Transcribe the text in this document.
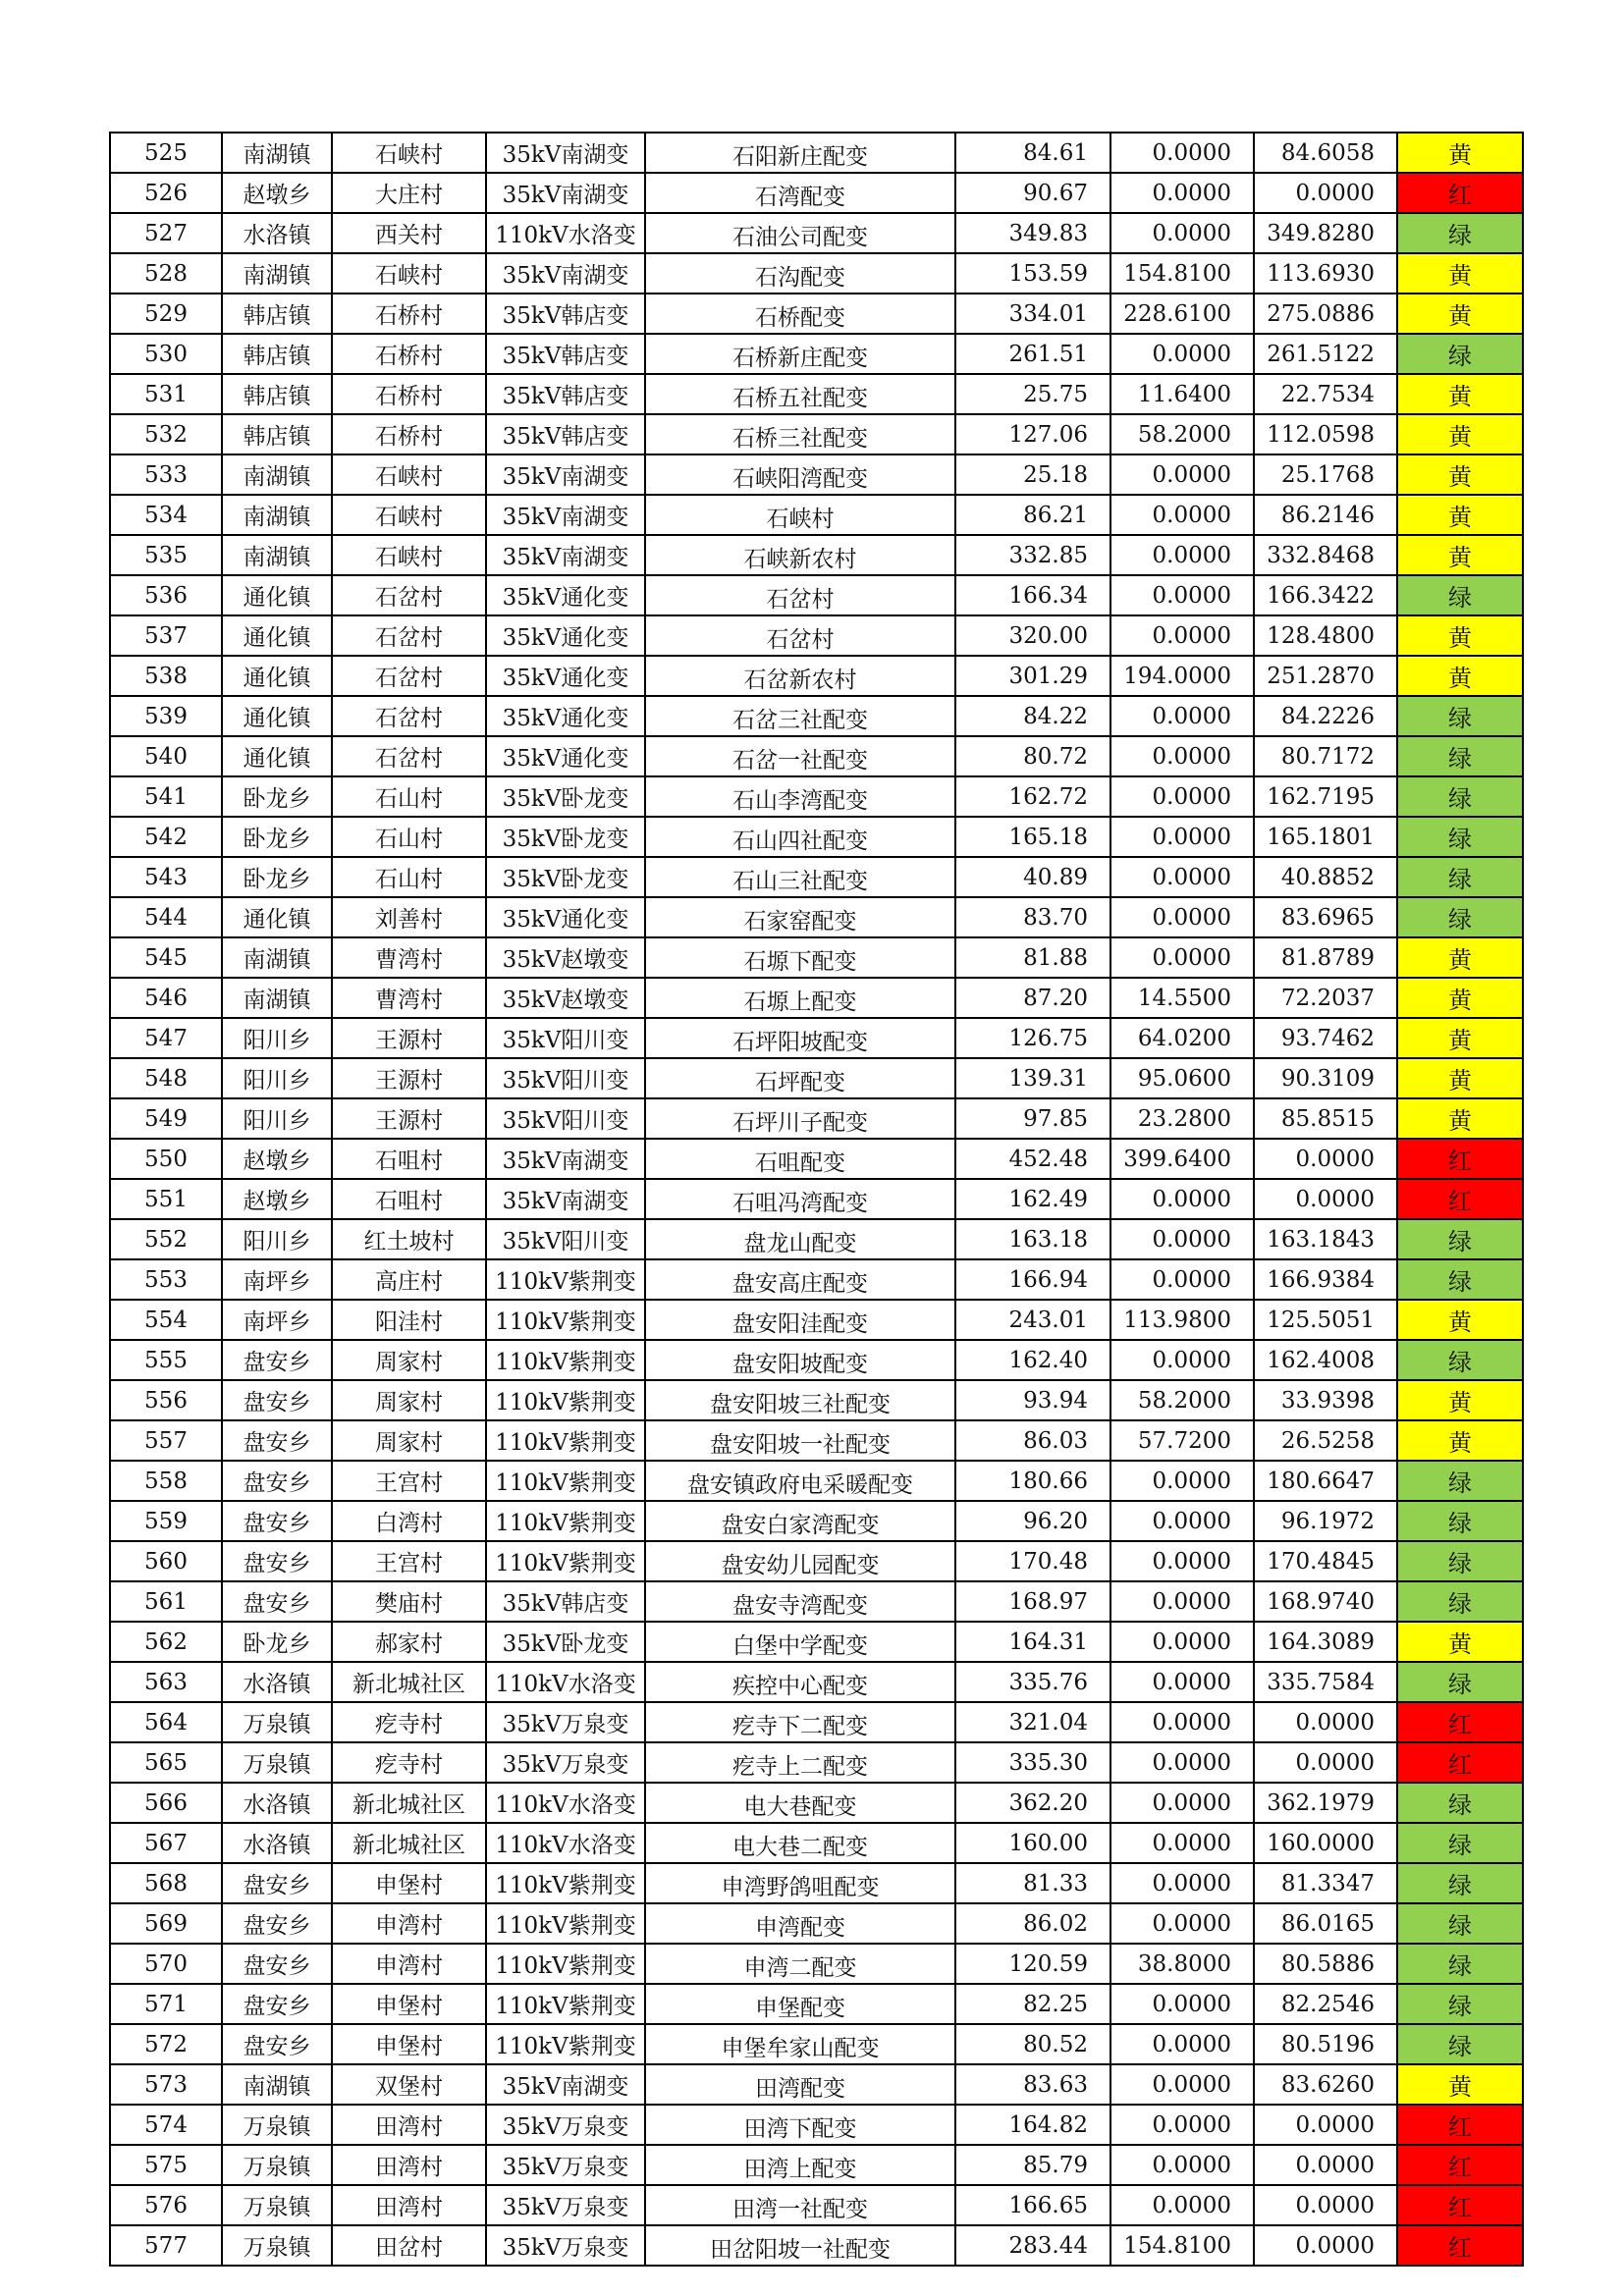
525	南湖镇	石峡村	35kV南湖变	石阳新庄配变	84.61	0.0000	84.6058	黄
526	赵墩乡	大庄村	35kV南湖变	石湾配变	90.67	0.0000	0.0000	红
527	水洛镇	西关村	110kV水洛变	石油公司配变	349.83	0.0000	349.8280	绿
528	南湖镇	石峡村	35kV南湖变	石沟配变	153.59	154.8100	113.6930	黄
529	韩店镇	石桥村	35kV韩店变	石桥配变	334.01	228.6100	275.0886	黄
530	韩店镇	石桥村	35kV韩店变	石桥新庄配变	261.51	0.0000	261.5122	绿
531	韩店镇	石桥村	35kV韩店变	石桥五社配变	25.75	11.6400	22.7534	黄
532	韩店镇	石桥村	35kV韩店变	石桥三社配变	127.06	58.2000	112.0598	黄
533	南湖镇	石峡村	35kV南湖变	石峡阳湾配变	25.18	0.0000	25.1768	黄
534	南湖镇	石峡村	35kV南湖变	石峡村	86.21	0.0000	86.2146	黄
535	南湖镇	石峡村	35kV南湖变	石峡新农村	332.85	0.0000	332.8468	黄
536	通化镇	石岔村	35kV通化变	石岔村	166.34	0.0000	166.3422	绿
537	通化镇	石岔村	35kV通化变	石岔村	320.00	0.0000	128.4800	黄
538	通化镇	石岔村	35kV通化变	石岔新农村	301.29	194.0000	251.2870	黄
539	通化镇	石岔村	35kV通化变	石岔三社配变	84.22	0.0000	84.2226	绿
540	通化镇	石岔村	35kV通化变	石岔一社配变	80.72	0.0000	80.7172	绿
541	卧龙乡	石山村	35kV卧龙变	石山李湾配变	162.72	0.0000	162.7195	绿
542	卧龙乡	石山村	35kV卧龙变	石山四社配变	165.18	0.0000	165.1801	绿
543	卧龙乡	石山村	35kV卧龙变	石山三社配变	40.89	0.0000	40.8852	绿
544	通化镇	刘善村	35kV通化变	石家窑配变	83.70	0.0000	83.6965	绿
545	南湖镇	曹湾村	35kV赵墩变	石塬下配变	81.88	0.0000	81.8789	黄
546	南湖镇	曹湾村	35kV赵墩变	石塬上配变	87.20	14.5500	72.2037	黄
547	阳川乡	王源村	35kV阳川变	石坪阳坡配变	126.75	64.0200	93.7462	黄
548	阳川乡	王源村	35kV阳川变	石坪配变	139.31	95.0600	90.3109	黄
549	阳川乡	王源村	35kV阳川变	石坪川子配变	97.85	23.2800	85.8515	黄
550	赵墩乡	石咀村	35kV南湖变	石咀配变	452.48	399.6400	0.0000	红
551	赵墩乡	石咀村	35kV南湖变	石咀冯湾配变	162.49	0.0000	0.0000	红
552	阳川乡	红土坡村	35kV阳川变	盘龙山配变	163.18	0.0000	163.1843	绿
553	南坪乡	高庄村	110kV紫荆变	盘安高庄配变	166.94	0.0000	166.9384	绿
554	南坪乡	阳洼村	110kV紫荆变	盘安阳洼配变	243.01	113.9800	125.5051	黄
555	盘安乡	周家村	110kV紫荆变	盘安阳坡配变	162.40	0.0000	162.4008	绿
556	盘安乡	周家村	110kV紫荆变	盘安阳坡三社配变	93.94	58.2000	33.9398	黄
557	盘安乡	周家村	110kV紫荆变	盘安阳坡一社配变	86.03	57.7200	26.5258	黄
558	盘安乡	王宫村	110kV紫荆变	盘安镇政府电采暖配变	180.66	0.0000	180.6647	绿
559	盘安乡	白湾村	110kV紫荆变	盘安白家湾配变	96.20	0.0000	96.1972	绿
560	盘安乡	王宫村	110kV紫荆变	盘安幼儿园配变	170.48	0.0000	170.4845	绿
561	盘安乡	樊庙村	35kV韩店变	盘安寺湾配变	168.97	0.0000	168.9740	绿
562	卧龙乡	郝家村	35kV卧龙变	白堡中学配变	164.31	0.0000	164.3089	黄
563	水洛镇	新北城社区	110kV水洛变	疾控中心配变	335.76	0.0000	335.7584	绿
564	万泉镇	疙寺村	35kV万泉变	疙寺下二配变	321.04	0.0000	0.0000	红
565	万泉镇	疙寺村	35kV万泉变	疙寺上二配变	335.30	0.0000	0.0000	红
566	水洛镇	新北城社区	110kV水洛变	电大巷配变	362.20	0.0000	362.1979	绿
567	水洛镇	新北城社区	110kV水洛变	电大巷二配变	160.00	0.0000	160.0000	绿
568	盘安乡	申堡村	110kV紫荆变	申湾野鸽咀配变	81.33	0.0000	81.3347	绿
569	盘安乡	申湾村	110kV紫荆变	申湾配变	86.02	0.0000	86.0165	绿
570	盘安乡	申湾村	110kV紫荆变	申湾二配变	120.59	38.8000	80.5886	绿
571	盘安乡	申堡村	110kV紫荆变	申堡配变	82.25	0.0000	82.2546	绿
572	盘安乡	申堡村	110kV紫荆变	申堡牟家山配变	80.52	0.0000	80.5196	绿
573	南湖镇	双堡村	35kV南湖变	田湾配变	83.63	0.0000	83.6260	黄
574	万泉镇	田湾村	35kV万泉变	田湾下配变	164.82	0.0000	0.0000	红
575	万泉镇	田湾村	35kV万泉变	田湾上配变	85.79	0.0000	0.0000	红
576	万泉镇	田湾村	35kV万泉变	田湾一社配变	166.65	0.0000	0.0000	红
577	万泉镇	田岔村	35kV万泉变	田岔阳坡一社配变	283.44	154.8100	0.0000	红
